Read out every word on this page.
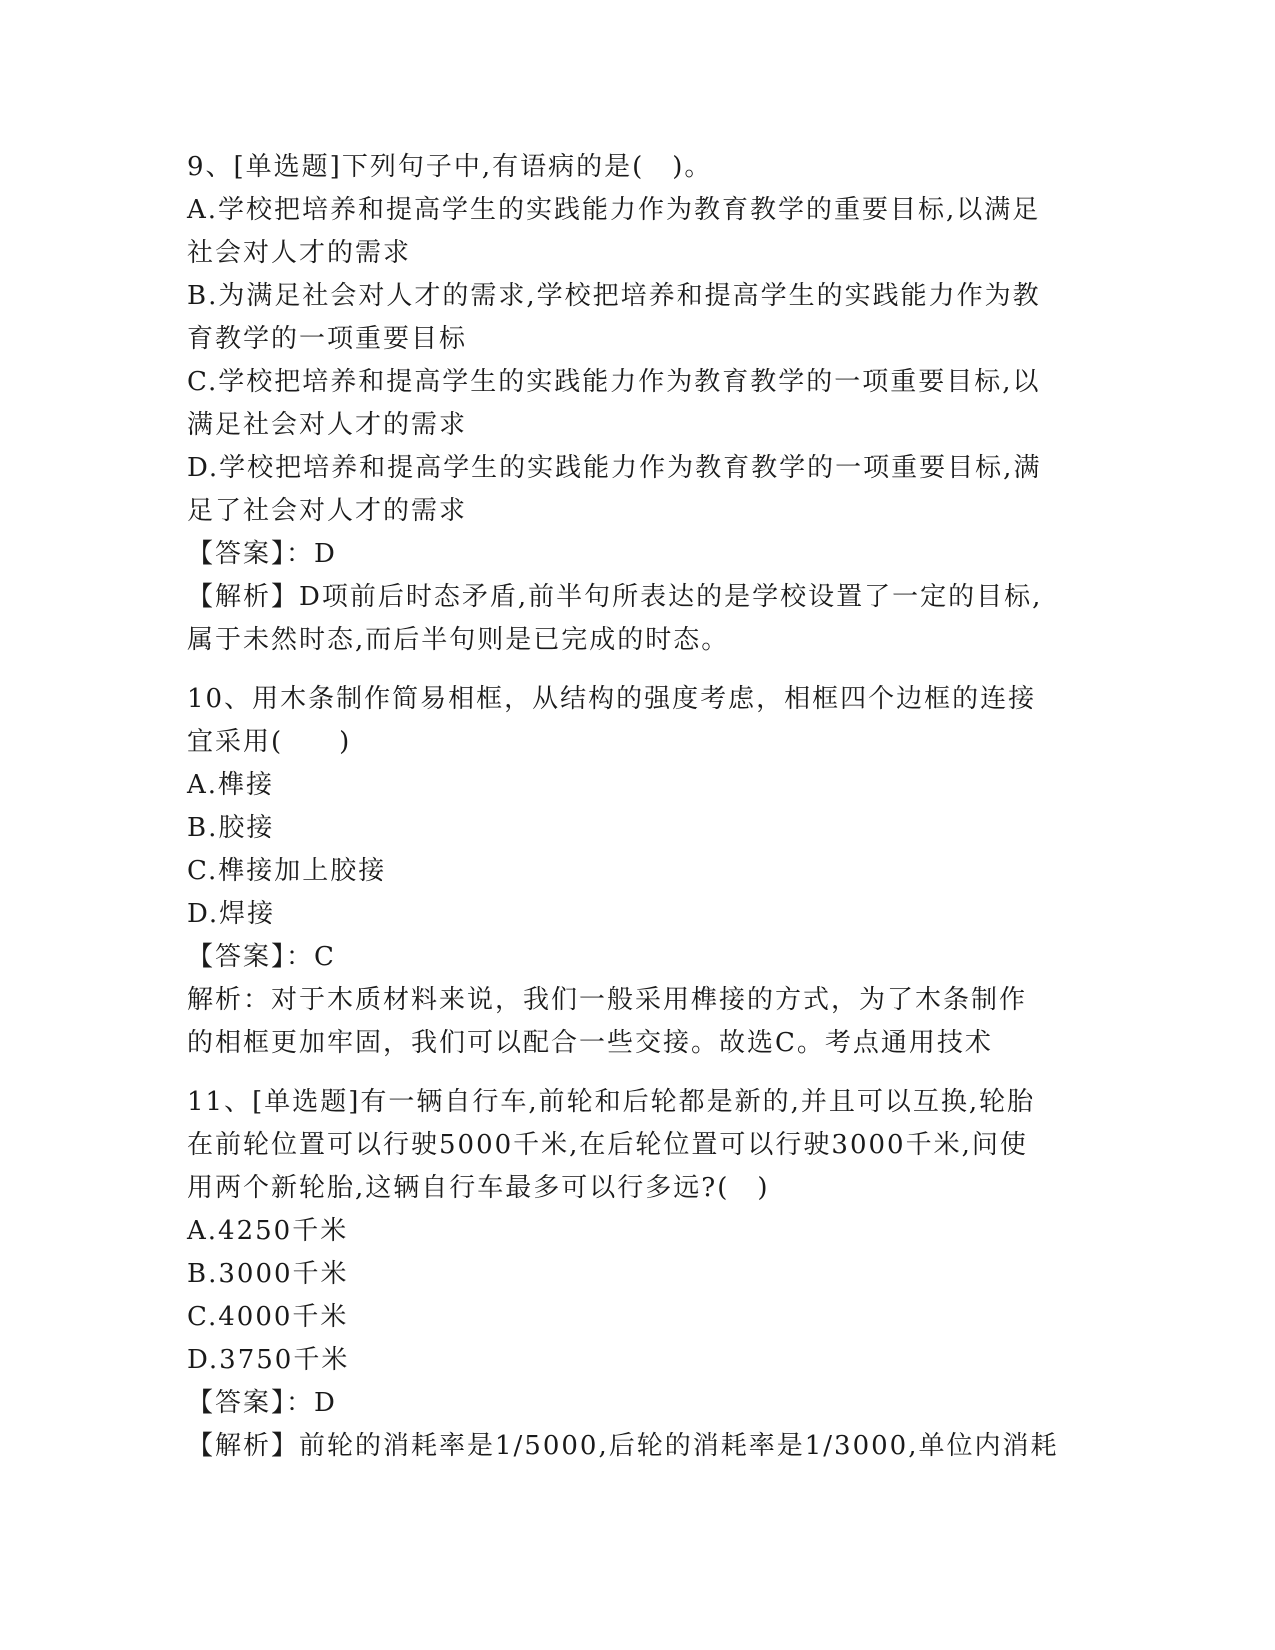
9、[单选题]下列句子中,有语病的是(　)。
A.学校把培养和提高学生的实践能力作为教育教学的重要目标,以满足
社会对人才的需求
B.为满足社会对人才的需求,学校把培养和提高学生的实践能力作为教
育教学的一项重要目标
C.学校把培养和提高学生的实践能力作为教育教学的一项重要目标,以
满足社会对人才的需求
D.学校把培养和提高学生的实践能力作为教育教学的一项重要目标,满
足了社会对人才的需求
【答案】：D
【解析】D项前后时态矛盾,前半句所表达的是学校设置了一定的目标,
属于未然时态,而后半句则是已完成的时态。
10、用木条制作简易相框，从结构的强度考虑，相框四个边框的连接
宜采用(　　)
A.榫接
B.胶接
C.榫接加上胶接
D.焊接
【答案】：C
解析：对于木质材料来说，我们一般采用榫接的方式，为了木条制作
的相框更加牢固，我们可以配合一些交接。故选C。考点通用技术
11、[单选题]有一辆自行车,前轮和后轮都是新的,并且可以互换,轮胎
在前轮位置可以行驶5000千米,在后轮位置可以行驶3000千米,问使
用两个新轮胎,这辆自行车最多可以行多远?(　)
A.4250千米
B.3000千米
C.4000千米
D.3750千米
【答案】：D
【解析】前轮的消耗率是1/5000,后轮的消耗率是1/3000,单位内消耗
